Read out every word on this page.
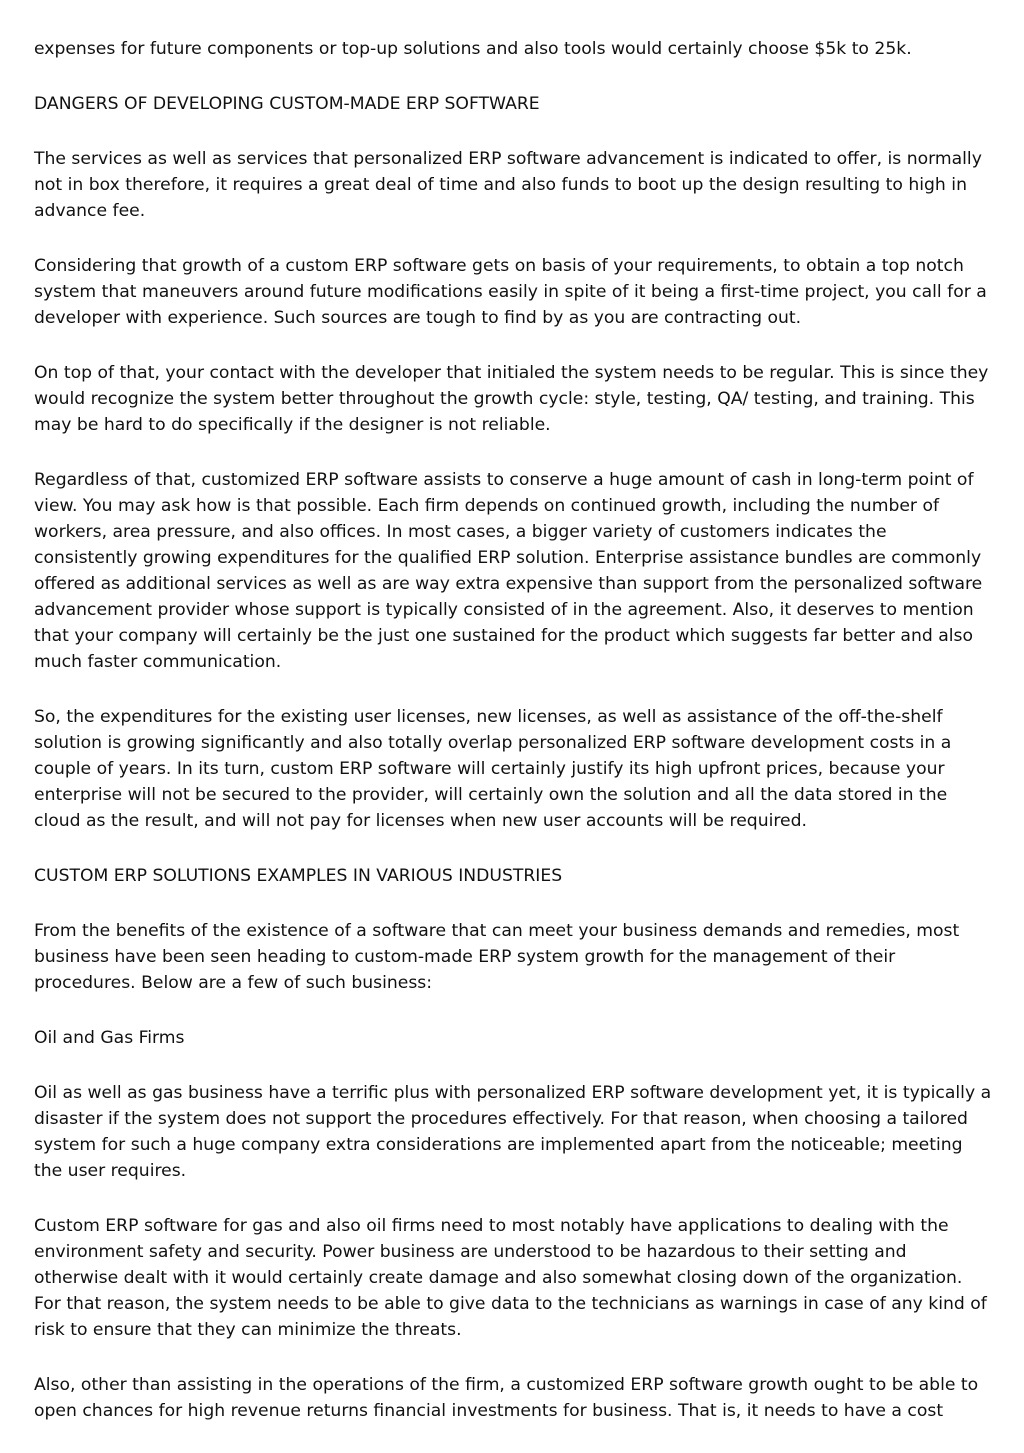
expenses for future components or top-up solutions and also tools would certainly choose $5k to 25k.

DANGERS OF DEVELOPING CUSTOM-MADE ERP SOFTWARE

The services as well as services that personalized ERP software advancement is indicated to offer, is normally not in box therefore, it requires a great deal of time and also funds to boot up the design resulting to high in advance fee.

Considering that growth of a custom ERP software gets on basis of your requirements, to obtain a top notch system that maneuvers around future modifications easily in spite of it being a first-time project, you call for a developer with experience. Such sources are tough to find by as you are contracting out.

On top of that, your contact with the developer that initialed the system needs to be regular. This is since they would recognize the system better throughout the growth cycle: style, testing, QA/ testing, and training. This may be hard to do specifically if the designer is not reliable.

Regardless of that, customized ERP software assists to conserve a huge amount of cash in long-term point of view. You may ask how is that possible. Each firm depends on continued growth, including the number of workers, area pressure, and also offices. In most cases, a bigger variety of customers indicates the consistently growing expenditures for the qualified ERP solution. Enterprise assistance bundles are commonly offered as additional services as well as are way extra expensive than support from the personalized software advancement provider whose support is typically consisted of in the agreement. Also, it deserves to mention that your company will certainly be the just one sustained for the product which suggests far better and also much faster communication.

So, the expenditures for the existing user licenses, new licenses, as well as assistance of the off-the-shelf solution is growing significantly and also totally overlap personalized ERP software development costs in a couple of years. In its turn, custom ERP software will certainly justify its high upfront prices, because your enterprise will not be secured to the provider, will certainly own the solution and all the data stored in the cloud as the result, and will not pay for licenses when new user accounts will be required.

CUSTOM ERP SOLUTIONS EXAMPLES IN VARIOUS INDUSTRIES

From the benefits of the existence of a software that can meet your business demands and remedies, most business have been seen heading to custom-made ERP system growth for the management of their procedures. Below are a few of such business:

Oil and Gas Firms

Oil as well as gas business have a terrific plus with personalized ERP software development yet, it is typically a disaster if the system does not support the procedures effectively. For that reason, when choosing a tailored system for such a huge company extra considerations are implemented apart from the noticeable; meeting the user requires.

Custom ERP software for gas and also oil firms need to most notably have applications to dealing with the environment safety and security. Power business are understood to be hazardous to their setting and otherwise dealt with it would certainly create damage and also somewhat closing down of the organization. For that reason, the system needs to be able to give data to the technicians as warnings in case of any kind of risk to ensure that they can minimize the threats.

Also, other than assisting in the operations of the firm, a customized ERP software growth ought to be able to open chances for high revenue returns financial investments for business. That is, it needs to have a cost
